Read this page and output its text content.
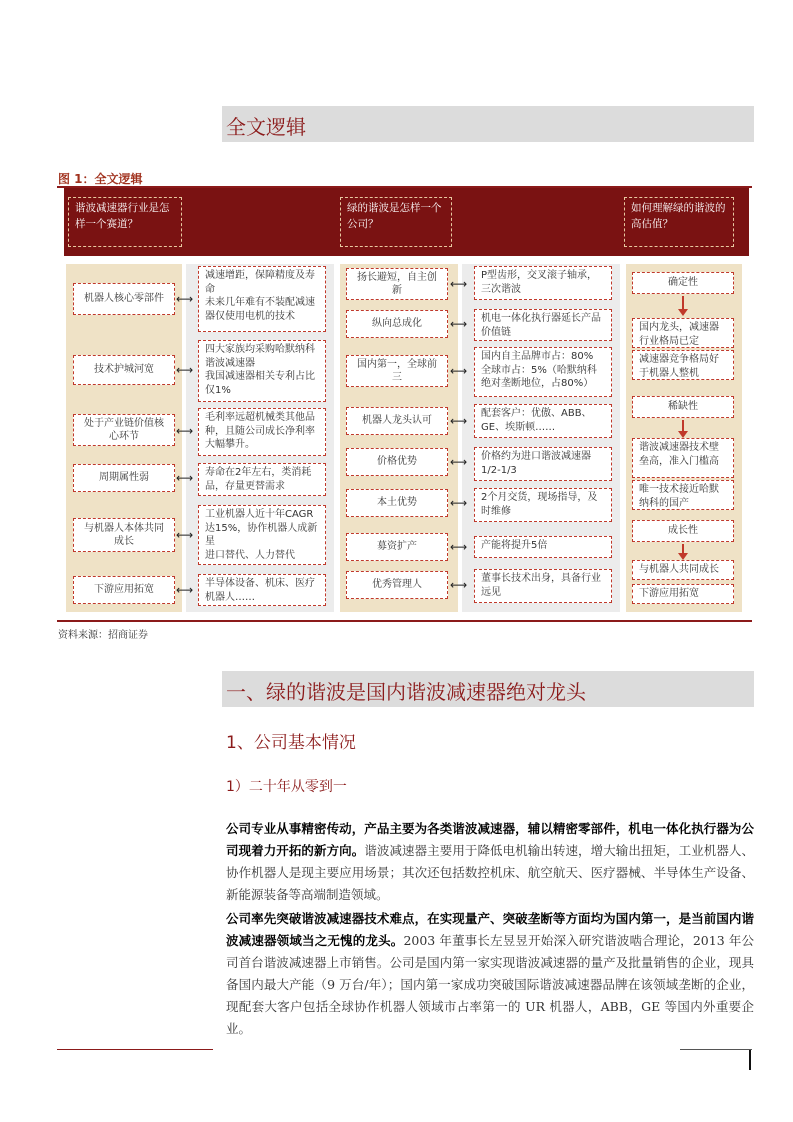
全文逻辑
图 1：全文逻辑
谐波减速器行业是怎样一个赛道？
绿的谐波是怎样一个公司？
如何理解绿的谐波的高估值？
机器人核心零部件
技术护城河宽
处于产业链价值核心环节
周期属性弱
与机器人本体共同成长
下游应用拓宽
减速增距，保障精度及寿命
未来几年难有不装配减速器仅使用电机的技术
四大家族均采购哈默纳科谐波减速器
我国减速器相关专利占比仅1%
毛利率远超机械类其他品种，且随公司成长净利率大幅攀升。
寿命在2年左右，类消耗品，存量更替需求
工业机器人近十年CAGR达15%，协作机器人成新星
进口替代、人力替代
半导体设备、机床、医疗机器人……
⟷
⟷
⟷
⟷
⟷
⟷
扬长避短，自主创新
纵向总成化
国内第一，全球前三
机器人龙头认可
价格优势
本土优势
募资扩产
优秀管理人
P型齿形，交叉滚子轴承，三次谐波
机电一体化执行器延长产品价值链
国内自主品牌市占：80%
全球市占：5%（哈默纳科绝对垄断地位，占80%）
配套客户：优傲、ABB、GE、埃斯顿……
价格约为进口谐波减速器1/2-1/3
2个月交货，现场指导，及时维修
产能将提升5倍
董事长技术出身，具备行业远见
⟷
⟷
⟷
⟷
⟷
⟷
⟷
⟷
确定性
国内龙头，减速器行业格局已定
减速器竞争格局好于机器人整机
稀缺性
谐波减速器技术壁垒高，准入门槛高
唯一技术接近哈默纳科的国产
成长性
与机器人共同成长
下游应用拓宽
资料来源：招商证券
一、绿的谐波是国内谐波减速器绝对龙头
1、公司基本情况
1）二十年从零到一
公司专业从事精密传动，产品主要为各类谐波减速器，辅以精密零部件，机电一体化执行器为公司现着力开拓的新方向。谐波减速器主要用于降低电机输出转速，增大输出扭矩，工业机器人、协作机器人是现主要应用场景；其次还包括数控机床、航空航天、医疗器械、半导体生产设备、新能源装备等高端制造领域。
公司率先突破谐波减速器技术难点，在实现量产、突破垄断等方面均为国内第一，是当前国内谐波减速器领域当之无愧的龙头。2003 年董事长左昱昱开始深入研究谐波啮合理论，2013 年公司首台谐波减速器上市销售。公司是国内第一家实现谐波减速器的量产及批量销售的企业，现具备国内最大产能（9 万台/年）；国内第一家成功突破国际谐波减速器品牌在该领域垄断的企业，现配套大客户包括全球协作机器人领域市占率第一的 UR 机器人，ABB，GE 等国内外重要企业。
